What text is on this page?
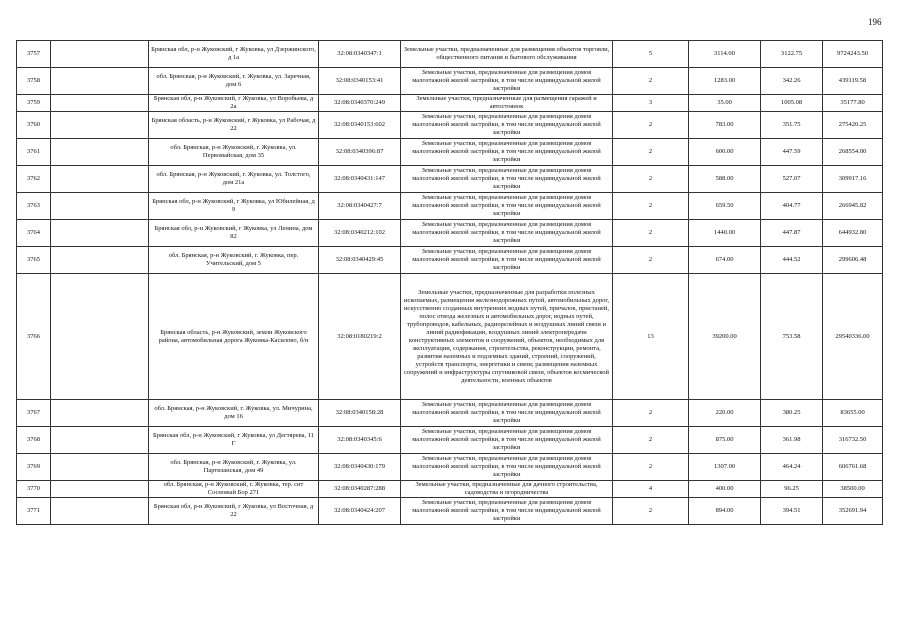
196
3757		Брянская обл, р-н Жуковский, г Жуковка, ул Дзержинского, д 1а	32:08:0340347:1	Земельные участки, предназначенные для размещения объектов торговли, общественного питания и бытового обслуживания	5	3114.00	3122.75	9724243.50
3758		обл. Брянская, р-н Жуковский, г. Жуковка, ул. Заречная, дом 6	32:08:0340153:41	Земельные участки, предназначенные для размещения домов малоэтажной жилой застройки, в том числе индивидуальной жилой застройки	2	1283.00	342.26	439119.58
3759		Брянская обл, р-н Жуковский, г Жуковка, ул Воробьева, д 2а	32:08:0340370:249	Земельные участки, предназначенные для размещения гаражей и автостоянок	3	35.00	1005.08	35177.80
3760		Брянская область, р-н Жуковский, г Жуковка, ул Рабочая, д 22	32:08:0340153:602	Земельные участки, предназначенные для размещения домов малоэтажной жилой застройки, в том числе индивидуальной жилой застройки	2	783.00	351.75	275420.25
3761		обл. Брянская, р-н Жуковский, г. Жуковка, ул. Первомайская, дом 35	32:08:0340396:87	Земельные участки, предназначенные для размещения домов малоэтажной жилой застройки, в том числе индивидуальной жилой застройки	2	600.00	447.59	268554.00
3762		обл. Брянская, р-н Жуковский, г. Жуковка, ул. Толстого, дом 21а	32:08:0340431:147	Земельные участки, предназначенные для размещения домов малоэтажной жилой застройки, в том числе индивидуальной жилой застройки	2	588.00	527.07	309917.16
3763		Брянская обл, р-н Жуковский, г Жуковка, ул Юбилейная, д 9	32:08:0340427:7	Земельные участки, предназначенные для размещения домов малоэтажной жилой застройки, в том числе индивидуальной жилой застройки	2	659.50	404.77	266945.82
3764		Брянская обл, р-н Жуковский, г Жуковка, ул Ленина, дом 82	32:08:0340212:102	Земельные участки, предназначенные для размещения домов малоэтажной жилой застройки, в том числе индивидуальной жилой застройки	2	1440.00	447.87	644932.80
3765		обл. Брянская, р-н Жуковский, г. Жуковка, пер. Учительский, дом 5	32:08:0340429:45	Земельные участки, предназначенные для размещения домов малоэтажной жилой застройки, в том числе индивидуальной жилой застройки	2	674.00	444.52	299606.48
3766		Брянская область, р-н Жуковский, земли Жуковского района, автомобильная дорога Жуковка-Касилово, б/н	32:08:0180219:2	Земельные участки, предназначенные для разработки полезных ископаемых, размещения железнодорожных путей, автомобильных дорог, искусственно созданных внутренних водных путей, причалов, пристаней, полос отвода железных и автомобильных дорог, водных путей, трубопроводов, кабельных, радиорелейных и воздушных линий связи и линий радиофикации, воздушных линий электропередачи конструктивных элементов и сооружений, объектов, необходимых для эксплуатации, содержания, строительства, реконструкции, ремонта, развития наземных и подземных зданий, строений, сооружений, устройств транспорта, энергетики и связи; размещения наземных сооружений и инфраструктуры спутниковой связи, объектов космической деятельности, военных объектов	13	39200.00	753.58	29540336.00
3767		обл. Брянская, р-н Жуковский, г. Жуковка, ул. Мичурина, дом 16	32:08:0340158:28	Земельные участки, предназначенные для размещения домов малоэтажной жилой застройки, в том числе индивидуальной жилой застройки	2	220.00	380.25	83655.00
3768		Брянская обл, р-н Жуковский, г Жуковка, ул Дегтярева, 11 Г	32:08:0340345:6	Земельные участки, предназначенные для размещения домов малоэтажной жилой застройки, в том числе индивидуальной жилой застройки	2	875.00	361.98	316732.50
3769		обл. Брянская, р-н Жуковский, г. Жуковка, ул. Партизанская, дом 49	32:08:0340430:179	Земельные участки, предназначенные для размещения домов малоэтажной жилой застройки, в том числе индивидуальной жилой застройки	2	1307.00	464.24	606761.68
3770		обл. Брянская, р-н Жуковский, г. Жуковка, тер. снт Сосновый Бор 271	32:08:0340287:288	Земельные участки, предназначенные для дачного строительства, садоводства и огородничества	4	400.00	96.25	38500.00
3771		Брянская обл, р-н Жуковский, г Жуковка, ул Восточная, д 22	32:08:0340424:207	Земельные участки, предназначенные для размещения домов малоэтажной жилой застройки, в том числе индивидуальной жилой застройки	2	894.00	394.51	352691.94
